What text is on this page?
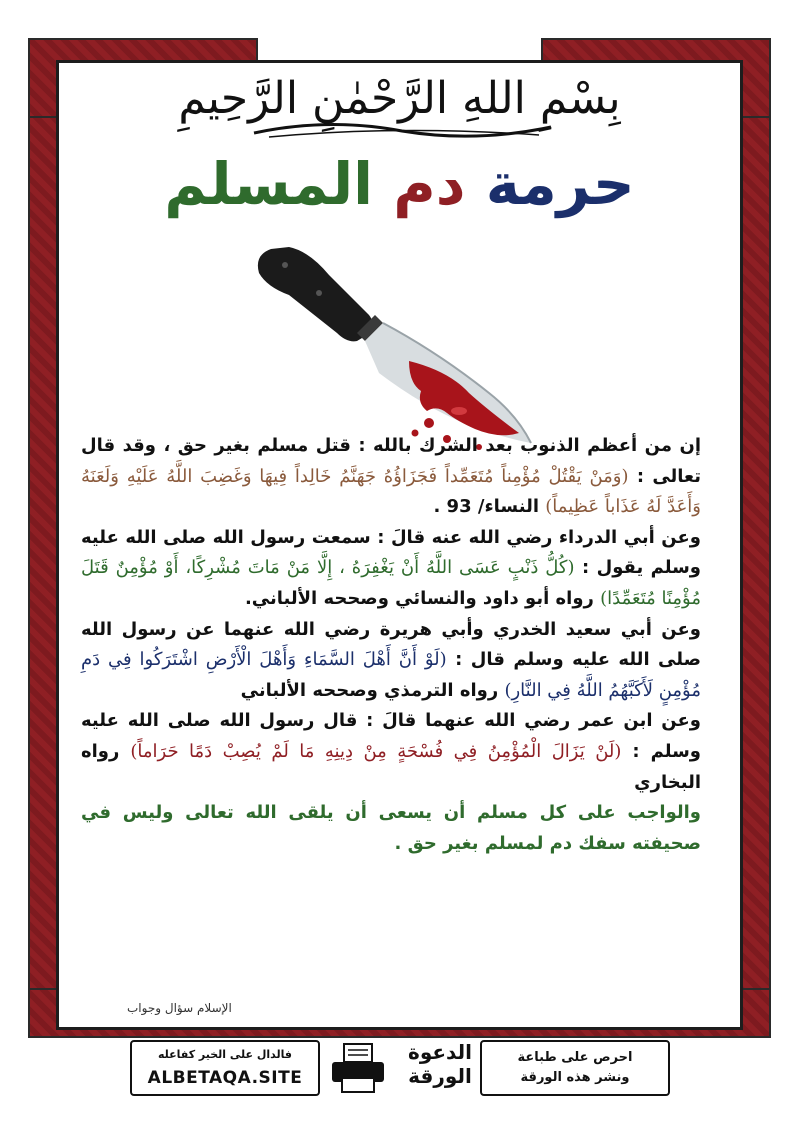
بِسْمِ اللهِ الرَّحْمٰنِ الرَّحِيمِ
حرمة دم المسلم

إن من أعظم الذنوب بعد الشرك بالله : قتل مسلم بغير حق ، وقد قال تعالى : (وَمَنْ يَقْتُلْ مُؤْمِناً مُتَعَمِّداً فَجَزَاؤُهُ جَهَنَّمُ خَالِداً فِيهَا وَغَضِبَ اللَّهُ عَلَيْهِ وَلَعَنَهُ وَأَعَدَّ لَهُ عَذَاباً عَظِيماً) النساء/ 93 .

وعن أبي الدرداء رضي الله عنه قالَ : سمعت رسول الله صلى الله عليه وسلم يقول : (كُلُّ ذَنْبٍ عَسَى اللَّهُ أَنْ يَغْفِرَهُ ، إِلَّا مَنْ مَاتَ مُشْرِكًا، أَوْ مُؤْمِنٌ قَتَلَ مُؤْمِنًا مُتَعَمِّدًا) رواه أبو داود والنسائي وصححه الألباني.

وعن أبي سعيد الخدري وأبي هريرة رضي الله عنهما عن رسول الله صلى الله عليه وسلم قال : (لَوْ أَنَّ أَهْلَ السَّمَاءِ وَأَهْلَ الْأَرْضِ اشْتَرَكُوا فِي دَمِ مُؤْمِنٍ لَأَكَبَّهُمُ اللَّهُ فِي النَّارِ) رواه الترمذي وصححه الألباني

وعن ابن عمر رضي الله عنهما قالَ : قال رسول الله صلى الله عليه وسلم : (لَنْ يَزَالَ الْمُؤْمِنُ فِي فُسْحَةٍ مِنْ دِينِهِ مَا لَمْ يُصِبْ دَمًا حَرَاماً) رواه البخاري

والواجب على كل مسلم أن يسعى أن يلقى الله تعالى وليس في صحيفته سفك دم لمسلم بغير حق .

الإسلام سؤال وجواب
فالدال على الخير كفاعله
ALBETAQA.SITE
الدعوة
الورقة
احرص على طباعة
ونشر هذه الورقة
